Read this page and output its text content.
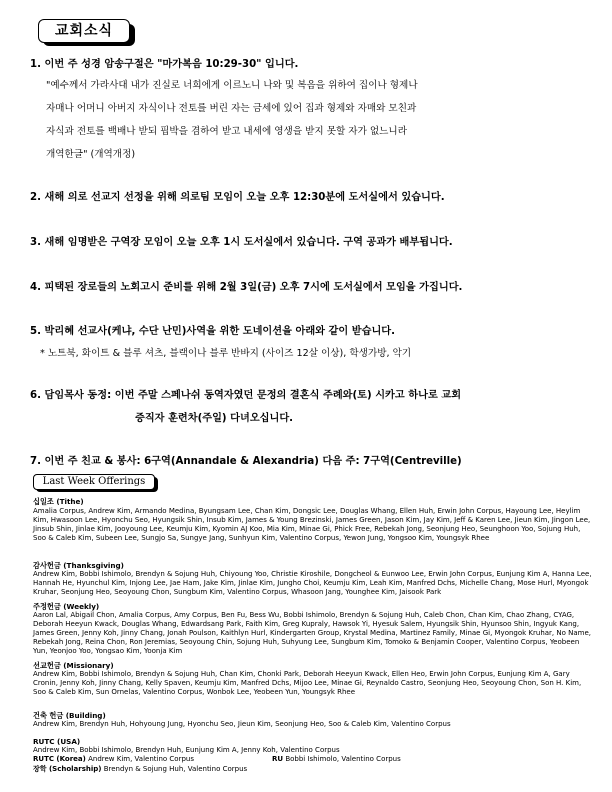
교회소식
1. 이번 주 성경 암송구절은 "마가복음 10:29-30" 입니다.
"예수께서 가라사대 내가 진실로 너희에게 이르노니 나와 및 복음을 위하여 집이나 형제나
자매나 어머니 아버지 자식이나 전토를 버린 자는 금세에 있어 집과 형제와 자매와 모친과
자식과 전토를 백배나 받되 핍박을 겸하여 받고 내세에 영생을 받지 못할 자가 없느니라
개역한글" (개역개정)
2. 새해 의로 선교지 선정을 위해 의로팀 모임이 오늘 오후 12:30분에 도서실에서 있습니다.
3. 새해 임명받은 구역장 모임이 오늘 오후 1시 도서실에서 있습니다. 구역 공과가 배부됩니다.
4. 피택된 장로들의 노회고시 준비를 위해 2월 3일(금) 오후 7시에 도서실에서 모임을 가집니다.
5. 박리혜 선교사(케냐, 수단 난민)사역을 위한 도네이션을 아래와 같이 받습니다.
* 노트북, 화이트 & 블루 셔츠, 블랙이나 블루 반바지 (사이즈 12살 이상), 학생가방, 악기
6. 담임목사 동정: 이번 주말 스페나쉬 동역자였던 문정의 결혼식 주례와(토) 시카고 하나로 교회
증직자 훈련차(주일) 다녀오십니다.
7. 이번 주 친교 & 봉사: 6구역(Annandale & Alexandria) 다음 주: 7구역(Centreville)
Last Week Offerings
십일조 (Tithe)
Amalia Corpus, Andrew Kim, Armando Medina, Byungsam Lee, Chan Kim, Dongsic Lee, Douglas Whang, Ellen Huh, Erwin John Corpus, Hayoung Lee, Heylim Kim, Hwasoon Lee, Hyonchu Seo, Hyungsik Shin, Insub Kim, James & Young Brezinski, James Green, Jason Kim, Jay Kim, Jeff & Karen Lee, Jieun Kim, Jingon Lee, Jinsub Shin, Jinlae Kim, Jooyoung Lee, Keumju Kim, Kyomin AJ Koo, Mia Kim, Minae Gi, Phick Free, Rebekah Jong, Seonjung Heo, Seunghoon Yoo, Sojung Huh, Soo & Caleb Kim, Subeen Lee, Sungjo Sa, Sungye Jang, Sunhyun Kim, Valentino Corpus, Yewon Jung, Yongsoo Kim, Youngsyk Rhee
감사헌금 (Thanksgiving)
Andrew Kim, Bobbi Ishimolo, Brendyn & Sojung Huh, Chiyoung Yoo, Christie Kiroshile, Dongcheol & Eunwoo Lee, Erwin John Corpus, Eunjung Kim A, Hanna Lee, Hannah He, Hyunchul Kim, Injong Lee, Jae Ham, Jake Kim, Jinlae Kim, Jungho Choi, Keumju Kim, Leah Kim, Manfred Dchs, Michelle Chang, Mose Hurl, Myongok Kruhar, Seonjung Heo, Seoyoung Chon, Sungbum Kim, Valentino Corpus, Whasoon Jang, Younghee Kim, Jaisook Park
주정헌금 (Weekly)
Aaron Lal, Abigail Chon, Amalia Corpus, Amy Corpus, Ben Fu, Bess Wu, Bobbi Ishimolo, Brendyn & Sojung Huh, Caleb Chon, Chan Kim, Chao Zhang, CYAG, Deborah Heeyun Kwack, Douglas Whang, Edwardsang Park, Faith Kim, Greg Kupraly, Hawsok Yi, Hyesuk Salem, Hyungsik Shin, Hyunsoo Shin, Ingyuk Kang, James Green, Jenny Koh, Jinny Chang, Jonah Poulson, Kaithlyn Hurl, Kindergarten Group, Krystal Medina, Martinez Family, Minae Gi, Myongok Kruhar, No Name, Rebekah Jong, Reina Chon, Ron Jeremias, Seoyoung Chin, Sojung Huh, Suhyung Lee, Sungbum Kim, Tomoko & Benjamin Cooper, Valentino Corpus, Yeobeen Yun, Yeonjoo Yoo, Yongsao Kim, Yoonja Kim
선교헌금 (Missionary)
Andrew Kim, Bobbi Ishimolo, Brendyn & Sojung Huh, Chan Kim, Chonki Park, Deborah Heeyun Kwack, Ellen Heo, Erwin John Corpus, Eunjung Kim A, Gary Cronin, Jenny Koh, Jinny Chang, Kelly Spaven, Keumju Kim, Manfred Dchs, Mijoo Lee, Minae Gi, Reynaldo Castro, Seonjung Heo, Seoyoung Chon, Son H. Kim, Soo & Caleb Kim, Sun Ornelas, Valentino Corpus, Wonbok Lee, Yeobeen Yun, Youngsyk Rhee
건축 헌금 (Building)
Andrew Kim, Brendyn Huh, Hohyoung Jung, Hyonchu Seo, Jieun Kim, Seonjung Heo, Soo & Caleb Kim, Valentino Corpus
RUTC (USA)
Andrew Kim, Bobbi Ishimolo, Brendyn Huh, Eunjung Kim A, Jenny Koh, Valentino Corpus
RUTC (Korea) Andrew Kim, Valentino Corpus	RU Bobbi Ishimolo, Valentino Corpus
장학 (Scholarship) Brendyn & Sojung Huh, Valentino Corpus
